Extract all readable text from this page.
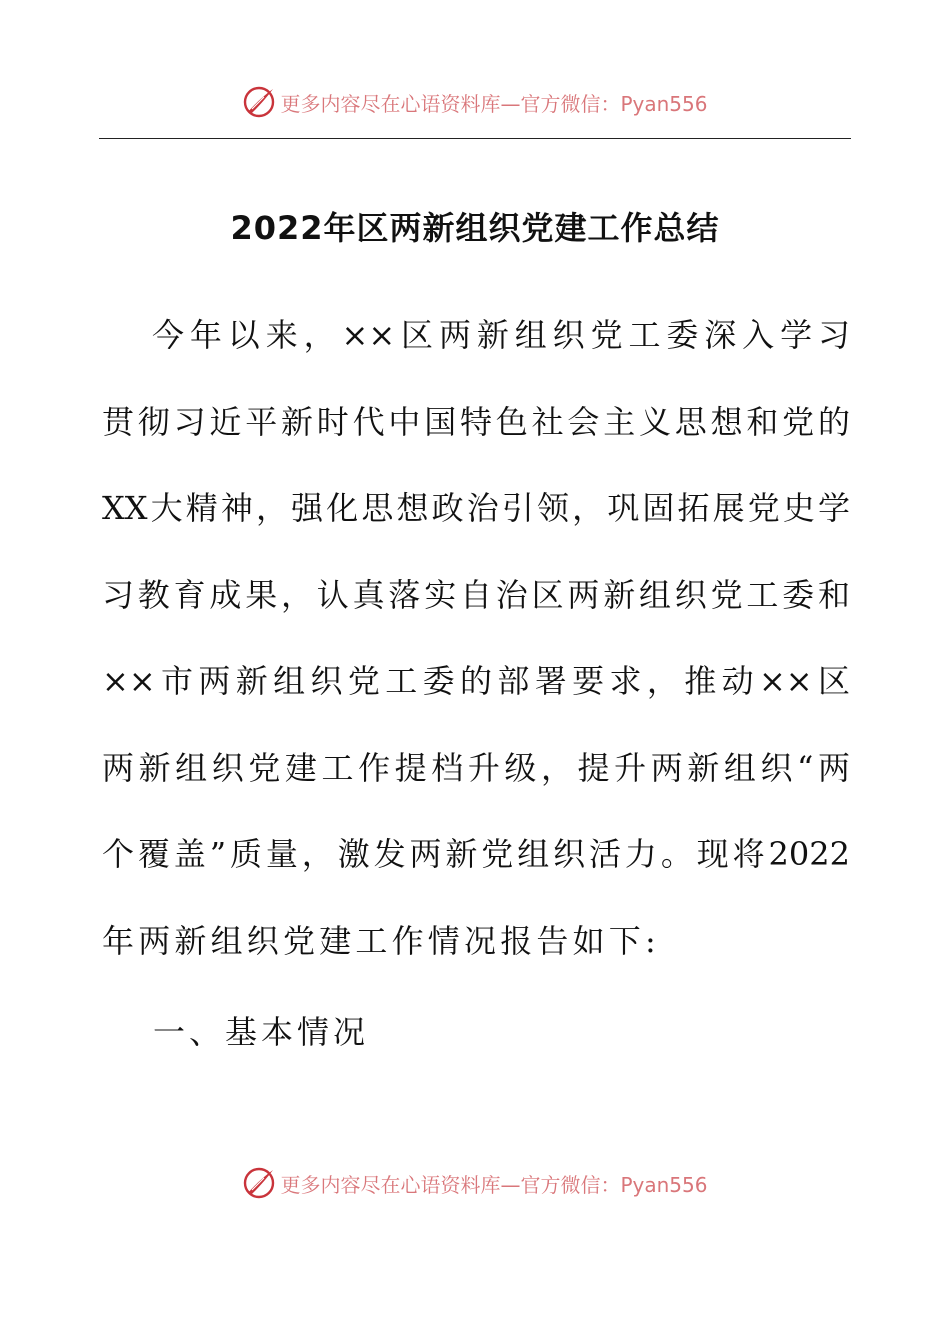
更多内容尽在心语资料库—官方微信：Pyan556
2022年区两新组织党建工作总结
今年以来，××区两新组织党工委深入学习
贯彻习近平新时代中国特色社会主义思想和党的
XX大精神，强化思想政治引领，巩固拓展党史学
习教育成果，认真落实自治区两新组织党工委和
××市两新组织党工委的部署要求，推动××区
两新组织党建工作提档升级，提升两新组织“两
个覆盖”质量，激发两新党组织活力。现将2022
年两新组织党建工作情况报告如下:
一、基本情况
更多内容尽在心语资料库—官方微信：Pyan556
